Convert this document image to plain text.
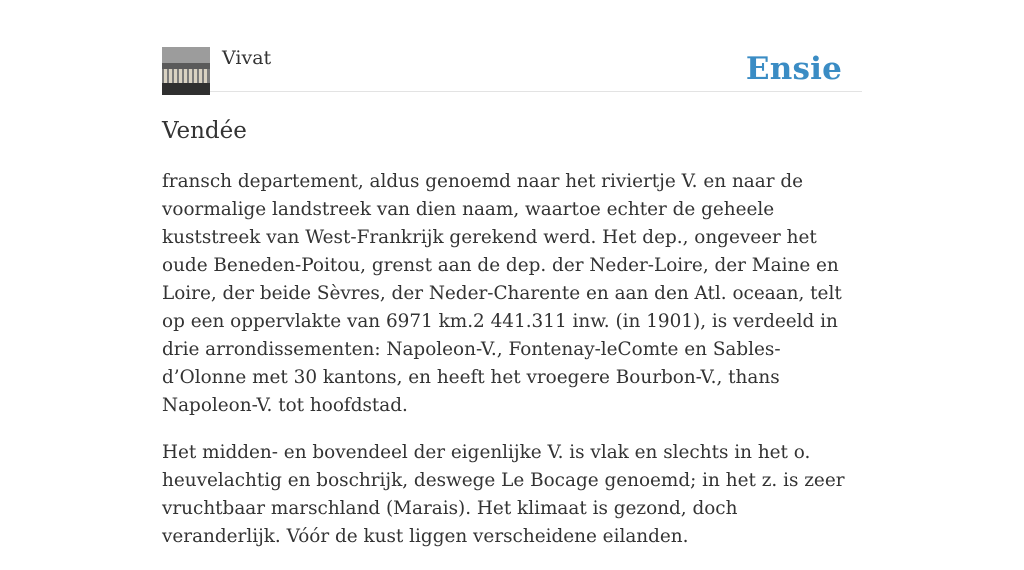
Vivat	Ensie
Vendée

fransch departement, aldus genoemd naar het riviertje V. en naar de voormalige landstreek van dien naam, waartoe echter de geheele kuststreek van West-Frankrijk gerekend werd. Het dep., ongeveer het oude Beneden-Poitou, grenst aan de dep. der Neder-Loire, der Maine en Loire, der beide Sèvres, der Neder-Charente en aan den Atl. oceaan, telt op een oppervlakte van 6971 km.2 441.311 inw. (in 1901), is verdeeld in drie arrondissementen: Napoleon-V., Fontenay-leComte en Sables-d’Olonne met 30 kantons, en heeft het vroegere Bourbon-V., thans Napoleon-V. tot hoofdstad.

Het midden- en bovendeel der eigenlijke V. is vlak en slechts in het o. heuvelachtig en boschrijk, deswege Le Bocage genoemd; in het z. is zeer vruchtbaar marschland (Marais). Het klimaat is gezond, doch veranderlijk. Vóór de kust liggen verscheidene eilanden.
